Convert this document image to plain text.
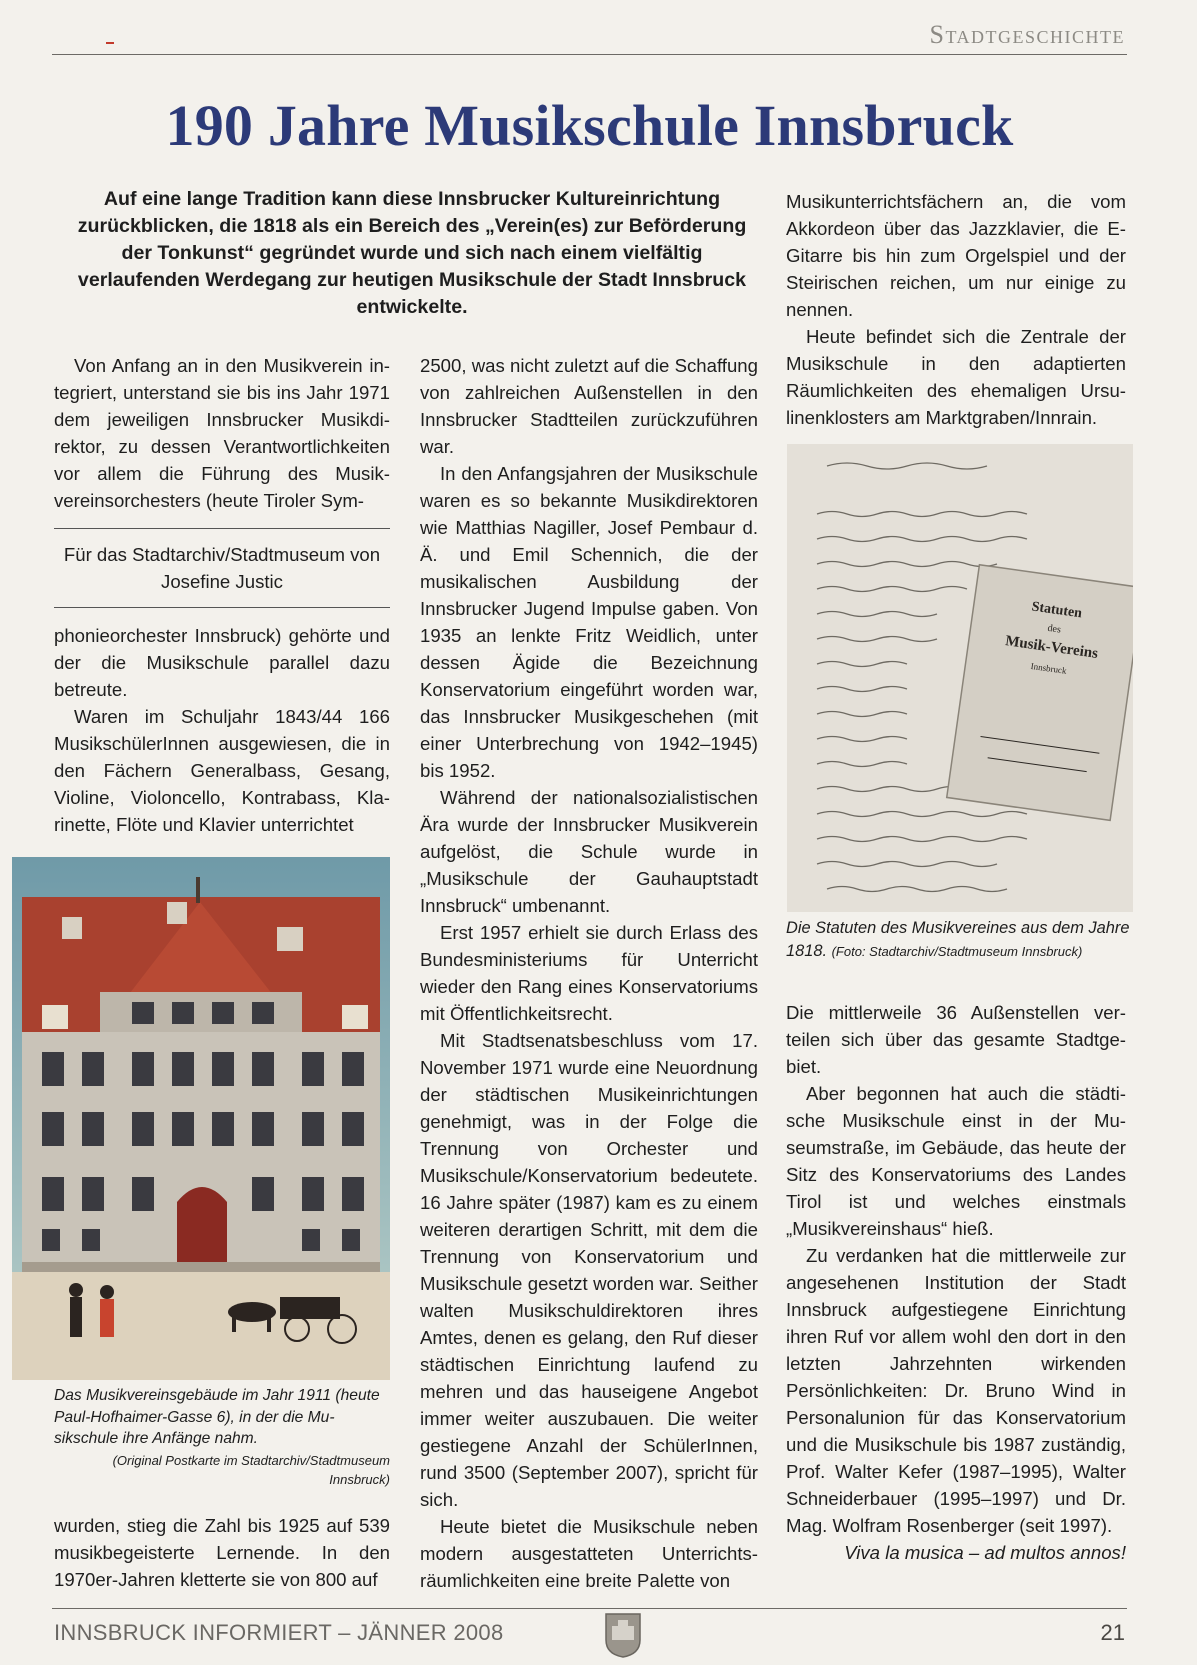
Stadtgeschichte
190 Jahre Musikschule Innsbruck
Auf eine lange Tradition kann diese Innsbrucker Kultureinrichtung zurückblicken, die 1818 als ein Bereich des „Verein(es) zur Beförderung der Tonkunst“ gegründet wurde und sich nach einem vielfältig verlaufenden Werdegang zur heutigen Musikschule der Stadt Innsbruck entwickelte.

Von Anfang an in den Musikverein integriert, unterstand sie bis ins Jahr 1971 dem jeweiligen Innsbrucker Musikdirektor, zu dessen Verantwortlichkeiten vor allem die Führung des Musikvereinsorchesters (heute Tiroler Sym-

Für das Stadtarchiv/Stadtmuseum von Josefine Justic

phonieorchester Innsbruck) gehörte und der die Musikschule parallel dazu betreute.

Waren im Schuljahr 1843/44 166 MusikschülerInnen ausgewiesen, die in den Fächern Generalbass, Gesang, Violine, Violoncello, Kontrabass, Klarinette, Flöte und Klavier unterrichtet

Das Musikvereinsgebäude im Jahr 1911 (heute Paul-Hofhaimer-Gasse 6), in der die Musikschule ihre Anfänge nahm.
(Original Postkarte im Stadtarchiv/Stadtmuseum Innsbruck)

wurden, stieg die Zahl bis 1925 auf 539 musikbegeisterte Lernende. In den 1970er-Jahren kletterte sie von 800 auf

2500, was nicht zuletzt auf die Schaffung von zahlreichen Außenstellen in den Innsbrucker Stadtteilen zurückzuführen war.

In den Anfangsjahren der Musikschule waren es so bekannte Musikdirektoren wie Matthias Nagiller, Josef Pembaur d. Ä. und Emil Schennich, die der musikalischen Ausbildung der Innsbrucker Jugend Impulse gaben. Von 1935 an lenkte Fritz Weidlich, unter dessen Ägide die Bezeichnung Konservatorium eingeführt worden war, das Innsbrucker Musikgeschehen (mit einer Unterbrechung von 1942–1945) bis 1952.

Während der nationalsozialistischen Ära wurde der Innsbrucker Musikverein aufgelöst, die Schule wurde in „Musikschule der Gauhauptstadt Innsbruck“ umbenannt.

Erst 1957 erhielt sie durch Erlass des Bundesministeriums für Unterricht wieder den Rang eines Konservatoriums mit Öffentlichkeitsrecht.

Mit Stadtsenatsbeschluss vom 17. November 1971 wurde eine Neuordnung der städtischen Musikeinrichtungen genehmigt, was in der Folge die Trennung von Orchester und Musikschule/Konservatorium bedeutete. 16 Jahre später (1987) kam es zu einem weiteren derartigen Schritt, mit dem die Trennung von Konservatorium und Musikschule gesetzt worden war. Seither walten Musikschuldirektoren ihres Amtes, denen es gelang, den Ruf dieser städtischen Einrichtung laufend zu mehren und das hauseigene Angebot immer weiter auszubauen. Die weiter gestiegene Anzahl der SchülerInnen, rund 3500 (September 2007), spricht für sich.

Heute bietet die Musikschule neben modern ausgestatteten Unterrichtsräumlichkeiten eine breite Palette von

Musikunterrichtsfächern an, die vom Akkordeon über das Jazzklavier, die E-Gitarre bis hin zum Orgelspiel und der Steirischen reichen, um nur einige zu nennen.

Heute befindet sich die Zentrale der Musikschule in den adaptierten Räumlichkeiten des ehemaligen Ursulinenklosters am Marktgraben/Innrain.

Statuten
des
Musik-Vereins
Innsbruck
Die Statuten des Musikvereines aus dem Jahre 1818. (Foto: Stadtarchiv/Stadtmuseum Innsbruck)

Die mittlerweile 36 Außenstellen verteilen sich über das gesamte Stadtgebiet.

Aber begonnen hat auch die städtische Musikschule einst in der Museumstraße, im Gebäude, das heute der Sitz des Konservatoriums des Landes Tirol ist und welches einstmals „Musikvereinshaus“ hieß.

Zu verdanken hat die mittlerweile zur angesehenen Institution der Stadt Innsbruck aufgestiegene Einrichtung ihren Ruf vor allem wohl den dort in den letzten Jahrzehnten wirkenden Persönlichkeiten: Dr. Bruno Wind in Personalunion für das Konservatorium und die Musikschule bis 1987 zuständig, Prof. Walter Kefer (1987–1995), Walter Schneiderbauer (1995–1997) und Dr. Mag. Wolfram Rosenberger (seit 1997).

Viva la musica – ad multos annos!

INNSBRUCK INFORMIERT – JÄNNER 2008	21
